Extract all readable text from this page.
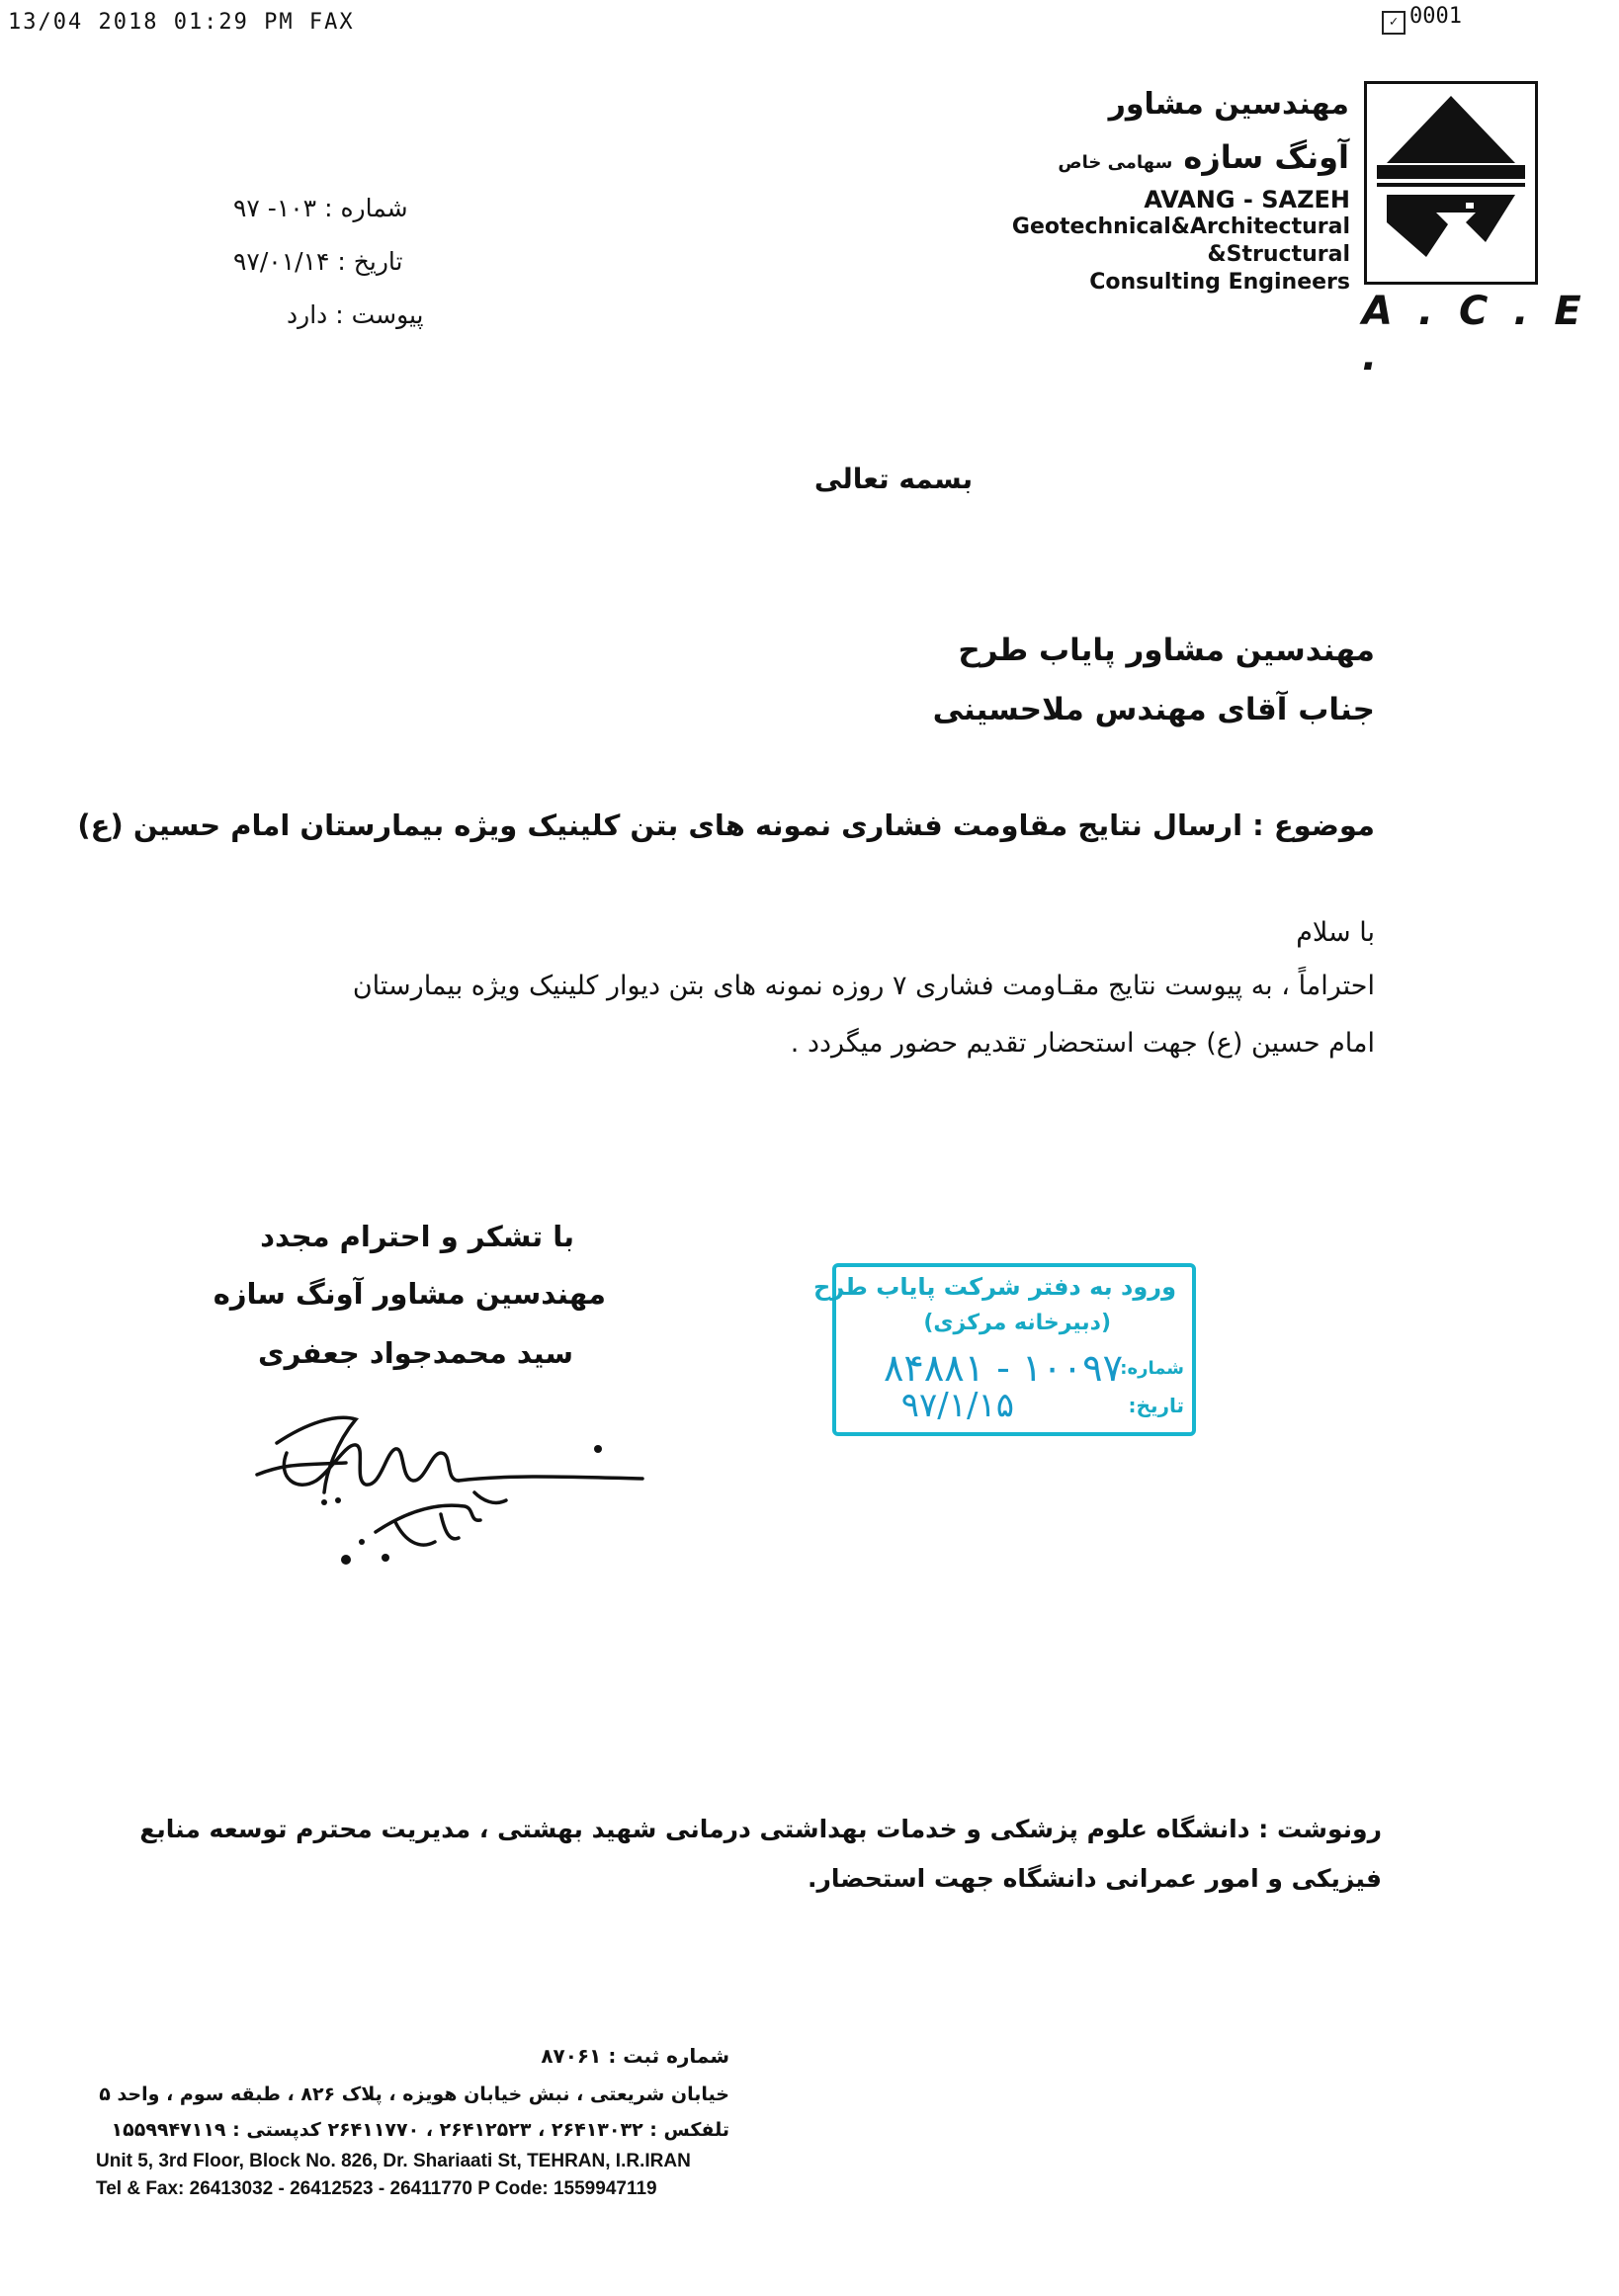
13/04 2018 01:29 PM FAX	✓ 0001
مهندسین مشاور
آونگ سازه سهامی خاص
AVANG - SAZEH
Geotechnical&Architectural
&Structural
Consulting Engineers
A . C . E .
شماره : ۱۰۳- ۹۷
تاریخ : ۹۷/۰۱/۱۴
پیوست : دارد
بسمه تعالی
مهندسین مشاور پایاب طرح
جناب آقای مهندس ملاحسینی
موضوع : ارسال نتایج مقاومت فشاری نمونه های بتن کلینیک ویژه بیمارستان امام حسین (ع)
با سلام
احتراماً ، به پیوست نتایج مقـاومت فشاری ۷ روزه نمونه های بتن دیوار کلینیک ویژه بیمارستان
امام حسین (ع) جهت استحضار تقدیم حضور میگردد .
با تشکر و احترام مجدد
مهندسین مشاور آونگ سازه
سید محمدجواد جعفری
ورود به دفتر شرکت پایاب طرح
(دبیرخانه مرکزی)
شماره:
۱۰۰۹۷ - ۸۴۸۸۱
تاریخ:
۹۷/۱/۱۵
رونوشت : دانشگاه علوم پزشکی و خدمات بهداشتی درمانی شهید بهشتی ، مدیریت محترم توسعه منابع
فیزیکی و امور عمرانی دانشگاه جهت استحضار.
شماره ثبت : ۸۷۰۶۱
خیابان شریعتی ، نبش خیابان هویزه ، پلاک ۸۲۶ ، طبقه سوم ، واحد ۵
تلفکس : ۲۶۴۱۳۰۳۲ ، ۲۶۴۱۲۵۲۳ ، ۲۶۴۱۱۷۷۰ کدپستی : ۱۵۵۹۹۴۷۱۱۹
Unit 5, 3rd Floor, Block No. 826, Dr. Shariaati St, TEHRAN, I.R.IRAN
Tel & Fax: 26413032 - 26412523 - 26411770 P Code: 1559947119
